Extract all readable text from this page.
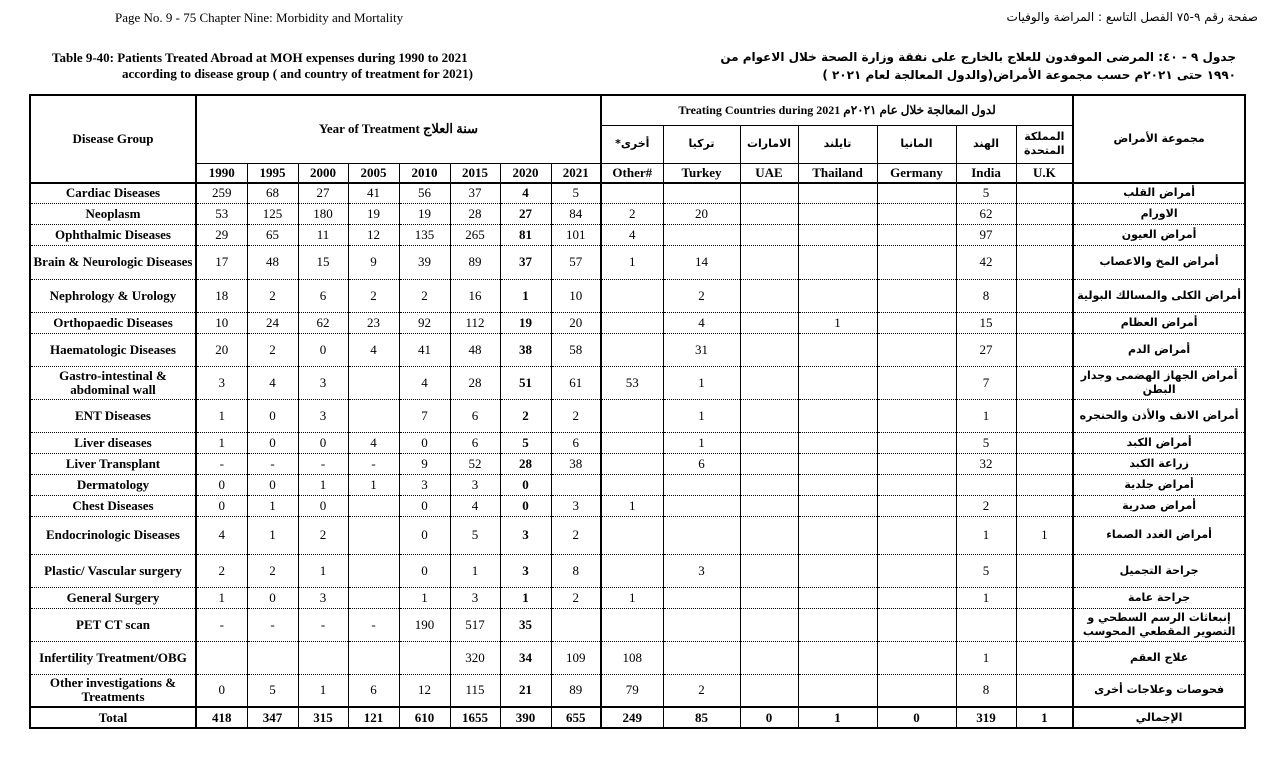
Page No. 9 - 75 Chapter Nine: Morbidity and Mortality	صفحة رقم ٩-٧٥ الفصل التاسع : المراضة والوفيات
Table 9-40: Patients Treated Abroad at MOH expenses during 1990 to 2021
according to disease group ( and country of treatment for 2021)
جدول ٩ - ٤٠: المرضى الموفدون للعلاج بالخارج على نفقة وزارة الصحة خلال الاعوام من
١٩٩٠ حتى ٢٠٢١م حسب مجموعة الأمراض(والدول المعالجة لعام ٢٠٢١ )
Disease Group	Year of Treatment سنة العلاج								Treating Countries during 2021 لدول المعالجة خلال عام ٢٠٢١م							مجموعة الأمراض
									أخرى*	تركيا	الامارات	تايلند	المانيا	الهند	المملكة المتحدة	
	1990	1995	2000	2005	2010	2015	2020	2021	Other#	Turkey	UAE	Thailand	Germany	India	U.K	
Cardiac Diseases	259	68	27	41	56	37	4	5						5		أمراض القلب
Neoplasm	53	125	180	19	19	28	27	84	2	20				62		الاورام
Ophthalmic Diseases	29	65	11	12	135	265	81	101	4					97		أمراض العيون
Brain & Neurologic Diseases	17	48	15	9	39	89	37	57	1	14				42		أمراض المخ والاعصاب
Nephrology & Urology	18	2	6	2	2	16	1	10		2				8		أمراض الكلى والمسالك البولية
Orthopaedic Diseases	10	24	62	23	92	112	19	20		4		1		15		أمراض العظام
Haematologic Diseases	20	2	0	4	41	48	38	58		31				27		أمراض الدم
Gastro-intestinal & abdominal wall	3	4	3		4	28	51	61	53	1				7		أمراض الجهاز الهضمى وجدار البطن
ENT Diseases	1	0	3		7	6	2	2		1				1		أمراض الانف والأذن والحنجره
Liver diseases	1	0	0	4	0	6	5	6		1				5		أمراض الكبد
Liver Transplant	-	-	-	-	9	52	28	38		6				32		زراعة الكبد
Dermatology	0	0	1	1	3	3	0									أمراض جلدية
Chest Diseases	0	1	0		0	4	0	3	1					2		أمراض صدرية
Endocrinologic Diseases	4	1	2		0	5	3	2						1	1	أمراض الغدد الصماء
Plastic/ Vascular surgery	2	2	1		0	1	3	8		3				5		جراحة التجميل
General Surgery	1	0	3		1	3	1	2	1					1		جراحة عامة
PET CT scan	-	-	-	-	190	517	35									إنبعاثات الرسم السطحي و التصوير المقطعي المحوسب
Infertility Treatment/OBG						320	34	109	108					1		علاج العقم
Other investigations & Treatments	0	5	1	6	12	115	21	89	79	2				8		فحوصات وعلاجات أخرى
Total	418	347	315	121	610	1655	390	655	249	85	0	1	0	319	1	الإجمالي
